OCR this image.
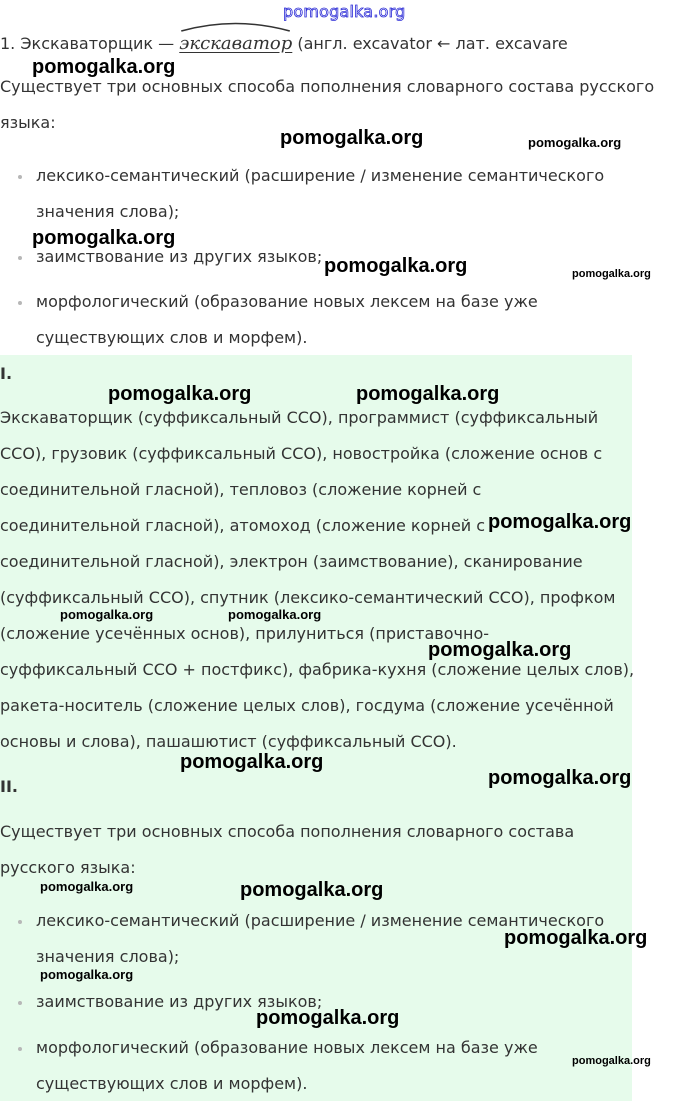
pomogalka.org
1. Экскаваторщик —
экскаватор (англ. excavator ← лат. excavare
Существует три основных способа пополнения словарного состава русского
языка:
лексико-семантический (расширение / изменение семантического
значения слова);
заимствование из других языков;
морфологический (образование новых лексем на базе уже
существующих слов и морфем).
I.
Экскаваторщик (суффиксальный ССО), программист (суффиксальный
ССО), грузовик (суффиксальный ССО), новостройка (сложение основ с
соединительной гласной), тепловоз (сложение корней с
соединительной гласной), атомоход (сложение корней с
соединительной гласной), электрон (заимствование), сканирование
(суффиксальный ССО), спутник (лексико-семантический ССО), профком
(сложение усечённых основ), прилуниться (приставочно-
суффиксальный ССО + постфикс), фабрика-кухня (сложение целых слов),
ракета-носитель (сложение целых слов), госдума (сложение усечённой
основы и слова), пашашютист (суффиксальный ССО).
II.
Существует три основных способа пополнения словарного состава
русского языка:
лексико-семантический (расширение / изменение семантического
значения слова);
заимствование из других языков;
морфологический (образование новых лексем на базе уже
существующих слов и морфем).
pomogalka.org
pomogalka.org	pomogalka.org
pomogalka.org
pomogalka.org	pomogalka.org
pomogalka.org	pomogalka.org
pomogalka.org
pomogalka.org	pomogalka.org
pomogalka.org
pomogalka.org
pomogalka.org
pomogalka.org	pomogalka.org
pomogalka.org
pomogalka.org
pomogalka.org
pomogalka.org
